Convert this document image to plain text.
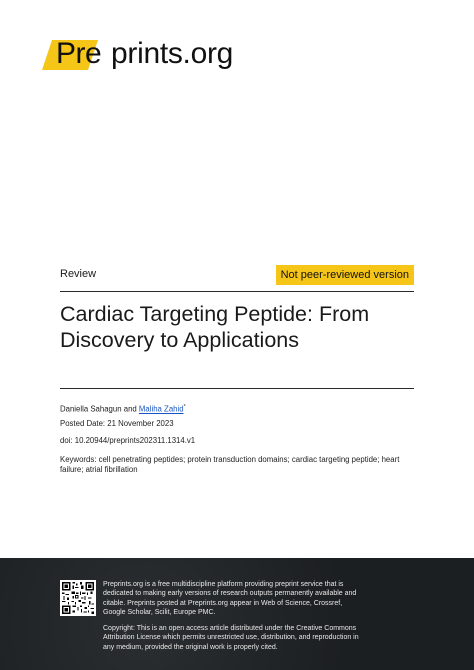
Pre prints.org
Review	Not peer-reviewed version
Cardiac Targeting Peptide: From Discovery to Applications
Daniella Sahagun and Maliha Zahid*
Posted Date: 21 November 2023
doi: 10.20944/preprints202311.1314.v1
Keywords: cell penetrating peptides; protein transduction domains; cardiac targeting peptide; heart failure; atrial fibrillation
Preprints.org is a free multidiscipline platform providing preprint service that is dedicated to making early versions of research outputs permanently available and citable. Preprints posted at Preprints.org appear in Web of Science, Crossref, Google Scholar, Scilit, Europe PMC.
Copyright: This is an open access article distributed under the Creative Commons Attribution License which permits unrestricted use, distribution, and reproduction in any medium, provided the original work is properly cited.
